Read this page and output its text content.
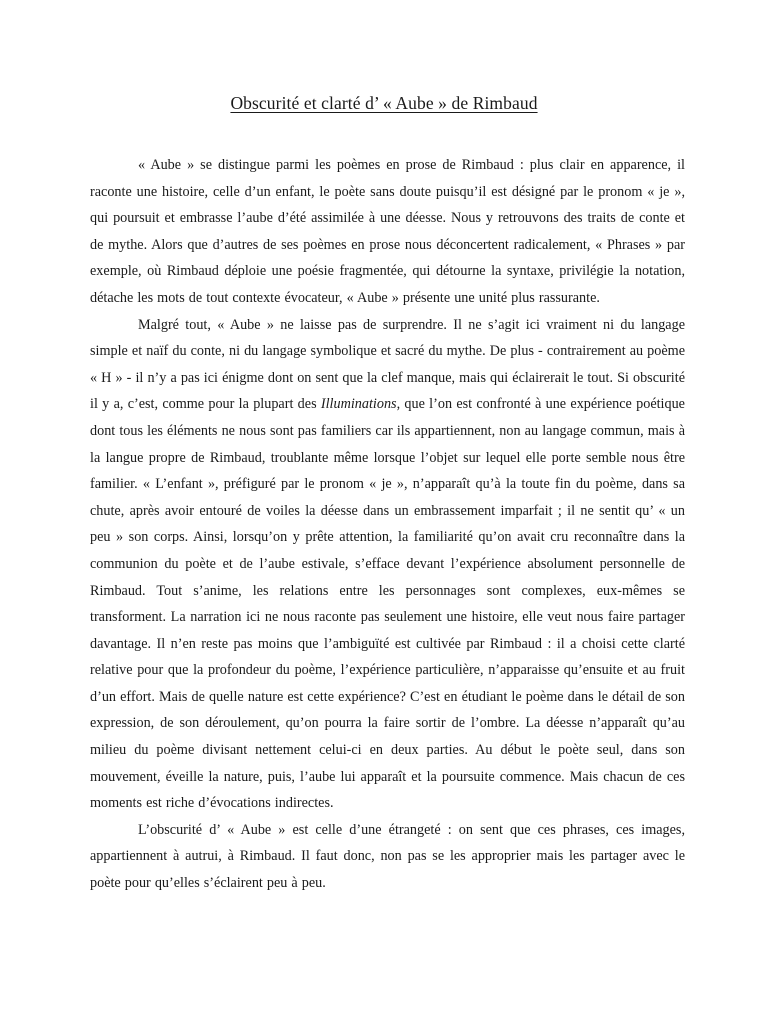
Obscurité et clarté d’ « Aube » de Rimbaud

« Aube » se distingue parmi les poèmes en prose de Rimbaud : plus clair en apparence, il raconte une histoire, celle d’un enfant, le poète sans doute puisqu’il est désigné par le pronom « je », qui poursuit et embrasse l’aube d’été assimilée à une déesse. Nous y retrouvons des traits de conte et de mythe. Alors que d’autres de ses poèmes en prose nous déconcertent radicalement, « Phrases » par exemple, où Rimbaud déploie une poésie fragmentée, qui détourne la syntaxe, privilégie la notation, détache les mots de tout contexte évocateur, « Aube » présente une unité plus rassurante.

Malgré tout, « Aube » ne laisse pas de surprendre. Il ne s’agit ici vraiment ni du langage simple et naïf du conte, ni du langage symbolique et sacré du mythe. De plus - contrairement au poème « H » - il n’y a pas ici énigme dont on sent que la clef manque, mais qui éclairerait le tout. Si obscurité il y a, c’est, comme pour la plupart des Illuminations, que l’on est confronté à une expérience poétique dont tous les éléments ne nous sont pas familiers car ils appartiennent, non au langage commun, mais à la langue propre de Rimbaud, troublante même lorsque l’objet sur lequel elle porte semble nous être familier. « L’enfant », préfiguré par le pronom « je », n’apparaît qu’à la toute fin du poème, dans sa chute, après avoir entouré de voiles la déesse dans un embrassement imparfait ; il ne sentit qu’ « un peu » son corps. Ainsi, lorsqu’on y prête attention, la familiarité qu’on avait cru reconnaître dans la communion du poète et de l’aube estivale, s’efface devant l’expérience absolument personnelle de Rimbaud. Tout s’anime, les relations entre les personnages sont complexes, eux-mêmes se transforment. La narration ici ne nous raconte pas seulement une histoire, elle veut nous faire partager davantage. Il n’en reste pas moins que l’ambiguïté est cultivée par Rimbaud : il a choisi cette clarté relative pour que la profondeur du poème, l’expérience particulière, n’apparaisse qu’ensuite et au fruit d’un effort. Mais de quelle nature est cette expérience? C’est en étudiant le poème dans le détail de son expression, de son déroulement, qu’on pourra la faire sortir de l’ombre. La déesse n’apparaît qu’au milieu du poème divisant nettement celui-ci en deux parties. Au début le poète seul, dans son mouvement, éveille la nature, puis, l’aube lui apparaît et la poursuite commence. Mais chacun de ces moments est riche d’évocations indirectes.

L’obscurité d’ « Aube » est celle d’une étrangeté : on sent que ces phrases, ces images, appartiennent à autrui, à Rimbaud. Il faut donc, non pas se les approprier mais les partager avec le poète pour qu’elles s’éclairent peu à peu.
